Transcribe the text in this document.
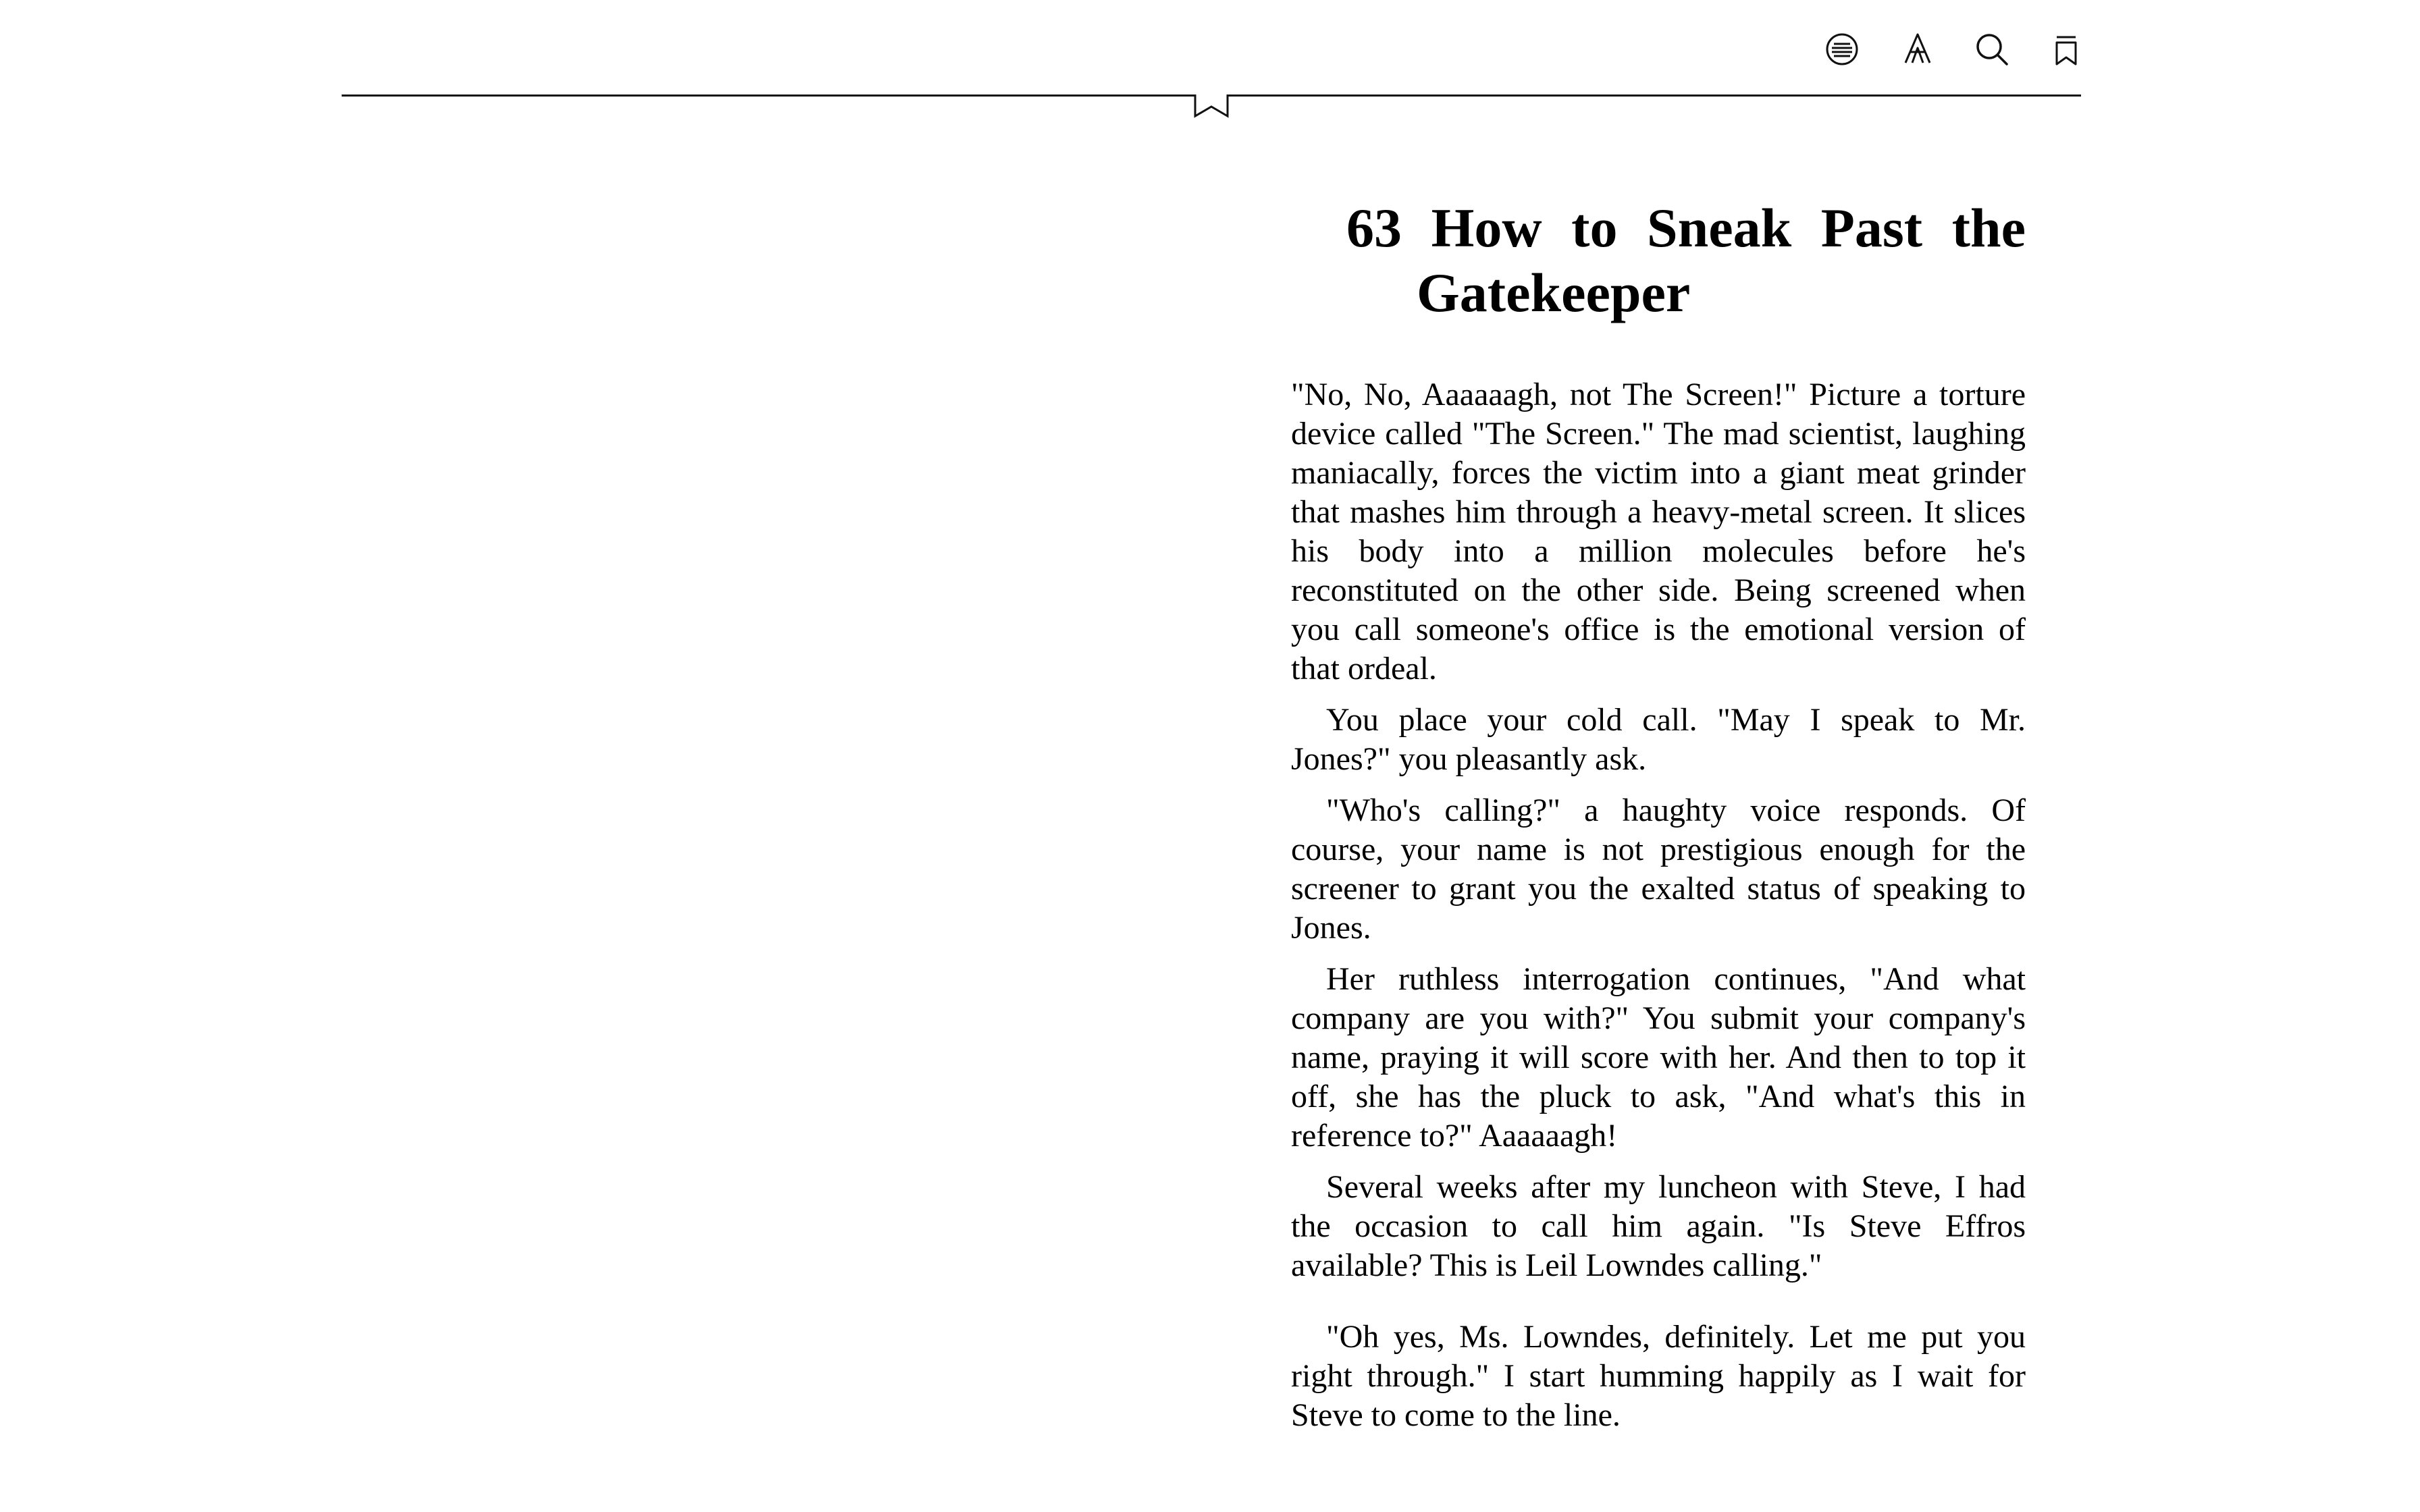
63 How to Sneak Past the
Gatekeeper

"No, No, Aaaaaagh, not The Screen!" Picture a torture device called "The Screen." The mad scientist, laughing maniacally, forces the victim into a giant meat grinder that mashes him through a heavy-metal screen. It slices his body into a million molecules before he's reconstituted on the other side. Being screened when you call someone's office is the emotional version of that ordeal.

You place your cold call. "May I speak to Mr. Jones?" you pleasantly ask.

"Who's calling?" a haughty voice responds. Of course, your name is not prestigious enough for the screener to grant you the exalted status of speaking to Jones.

Her ruthless interrogation continues, "And what company are you with?" You submit your company's name, praying it will score with her. And then to top it off, she has the pluck to ask, "And what's this in reference to?" Aaaaaagh!

Several weeks after my luncheon with Steve, I had the occasion to call him again. "Is Steve Effros available? This is Leil Lowndes calling."

"Oh yes, Ms. Lowndes, definitely. Let me put you right through." I start humming happily as I wait for Steve to come to the line.
